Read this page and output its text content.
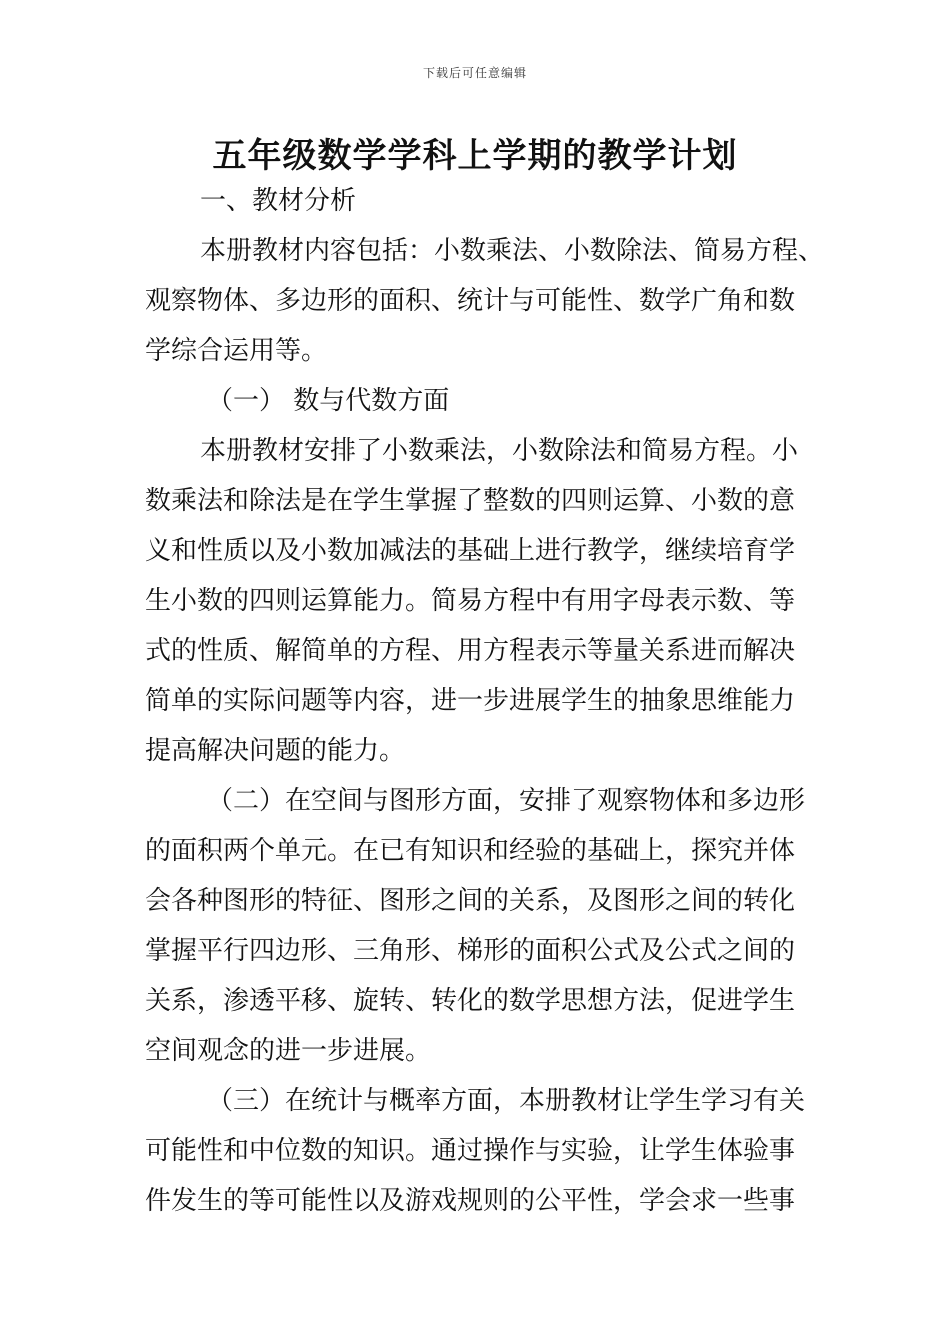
下载后可任意编辑
五年级数学学科上学期的教学计划
一、教材分析
本册教材内容包括：小数乘法、小数除法、简易方程、
观察物体、多边形的面积、统计与可能性、数学广角和数
学综合运用等。
（一） 数与代数方面
本册教材安排了小数乘法，小数除法和简易方程。小
数乘法和除法是在学生掌握了整数的四则运算、小数的意
义和性质以及小数加减法的基础上进行教学，继续培育学
生小数的四则运算能力。简易方程中有用字母表示数、等
式的性质、解简单的方程、用方程表示等量关系进而解决
简单的实际问题等内容，进一步进展学生的抽象思维能力
提高解决问题的能力。
（二）在空间与图形方面，安排了观察物体和多边形
的面积两个单元。在已有知识和经验的基础上，探究并体
会各种图形的特征、图形之间的关系，及图形之间的转化
掌握平行四边形、三角形、梯形的面积公式及公式之间的
关系，渗透平移、旋转、转化的数学思想方法，促进学生
空间观念的进一步进展。
（三）在统计与概率方面，本册教材让学生学习有关
可能性和中位数的知识。通过操作与实验，让学生体验事
件发生的等可能性以及游戏规则的公平性，学会求一些事
